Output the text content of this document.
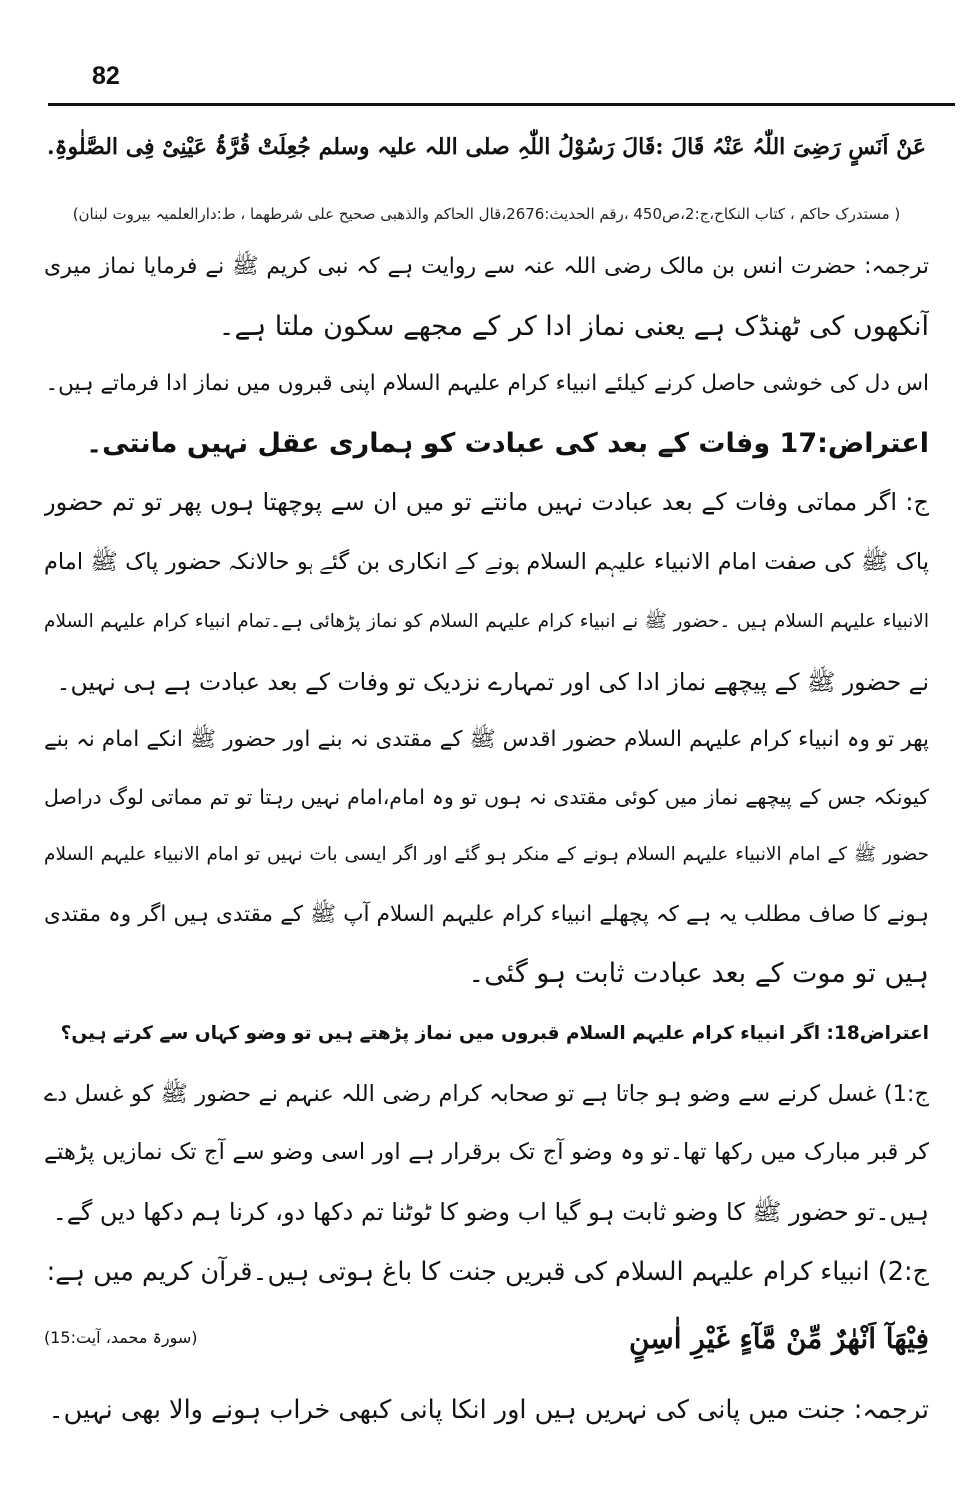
82
عَنْ اَنَسٍ رَضِیَ اللّٰہُ عَنْہُ قَالَ :قَالَ رَسُوْلُ اللّٰہِ صلی اللہ علیہ وسلم جُعِلَتْ قُرَّۃُ عَیْنِیْ فِی الصَّلٰوۃِ.
( مستدرک حاکم ، کتاب النکاح،ج:2،ص450 ،رقم الحدیث:2676،قال الحاکم والذھبی صحیح علی شرطھما ، ط:دارالعلمیہ بیروت لبنان)
ترجمہ: حضرت انس بن مالک رضی اللہ عنہ سے روایت ہے کہ نبی کریم ﷺ نے فرمایا نماز میری
آنکھوں کی ٹھنڈک ہے یعنی نماز ادا کر کے مجھے سکون ملتا ہے۔
اس دل کی خوشی حاصل کرنے کیلئے انبیاء کرام علیہم السلام اپنی قبروں میں نماز ادا فرماتے ہیں۔
اعتراض:17 وفات کے بعد کی عبادت کو ہماری عقل نہیں مانتی۔
ج: اگر مماتی وفات کے بعد عبادت نہیں مانتے تو میں ان سے پوچھتا ہوں پھر تو تم حضور
پاک ﷺ کی صفت امام الانبیاء علیہم السلام ہونے کے انکاری بن گئے ہو حالانکہ حضور پاک ﷺ امام
الانبیاء علیہم السلام ہیں ۔حضور ﷺ نے انبیاء کرام علیہم السلام کو نماز پڑھائی ہے۔تمام انبیاء کرام علیہم السلام
نے حضور ﷺ کے پیچھے نماز ادا کی اور تمہارے نزدیک تو وفات کے بعد عبادت ہے ہی نہیں۔
پھر تو وہ انبیاء کرام علیہم السلام حضور اقدس ﷺ کے مقتدی نہ بنے اور حضور ﷺ انکے امام نہ بنے
کیونکہ جس کے پیچھے نماز میں کوئی مقتدی نہ ہوں تو وہ امام،امام نہیں رہتا تو تم مماتی لوگ دراصل
حضور ﷺ کے امام الانبیاء علیہم السلام ہونے کے منکر ہو گئے اور اگر ایسی بات نہیں تو امام الانبیاء علیہم السلام
ہونے کا صاف مطلب یہ ہے کہ پچھلے انبیاء کرام علیہم السلام آپ ﷺ کے مقتدی ہیں اگر وہ مقتدی
ہیں تو موت کے بعد عبادت ثابت ہو گئی۔
اعتراض18: اگر انبیاء کرام علیہم السلام قبروں میں نماز پڑھتے ہیں تو وضو کہاں سے کرتے ہیں؟
ج:1) غسل کرنے سے وضو ہو جاتا ہے تو صحابہ کرام رضی اللہ عنہم نے حضور ﷺ کو غسل دے
کر قبر مبارک میں رکھا تھا۔تو وہ وضو آج تک برقرار ہے اور اسی وضو سے آج تک نمازیں پڑھتے
ہیں۔تو حضور ﷺ کا وضو ثابت ہو گیا اب وضو کا ٹوٹنا تم دکھا دو، کرنا ہم دکھا دیں گے۔
ج:2) انبیاء کرام علیہم السلام کی قبریں جنت کا باغ ہوتی ہیں۔قرآن کریم میں ہے:
فِیْھَآ اَنْھٰرٌ مِّنْ مَّآءٍ غَیْرِ اٰسِنٍ
(سورۃ محمد، آیت:15)
ترجمہ: جنت میں پانی کی نہریں ہیں اور انکا پانی کبھی خراب ہونے والا بھی نہیں۔
